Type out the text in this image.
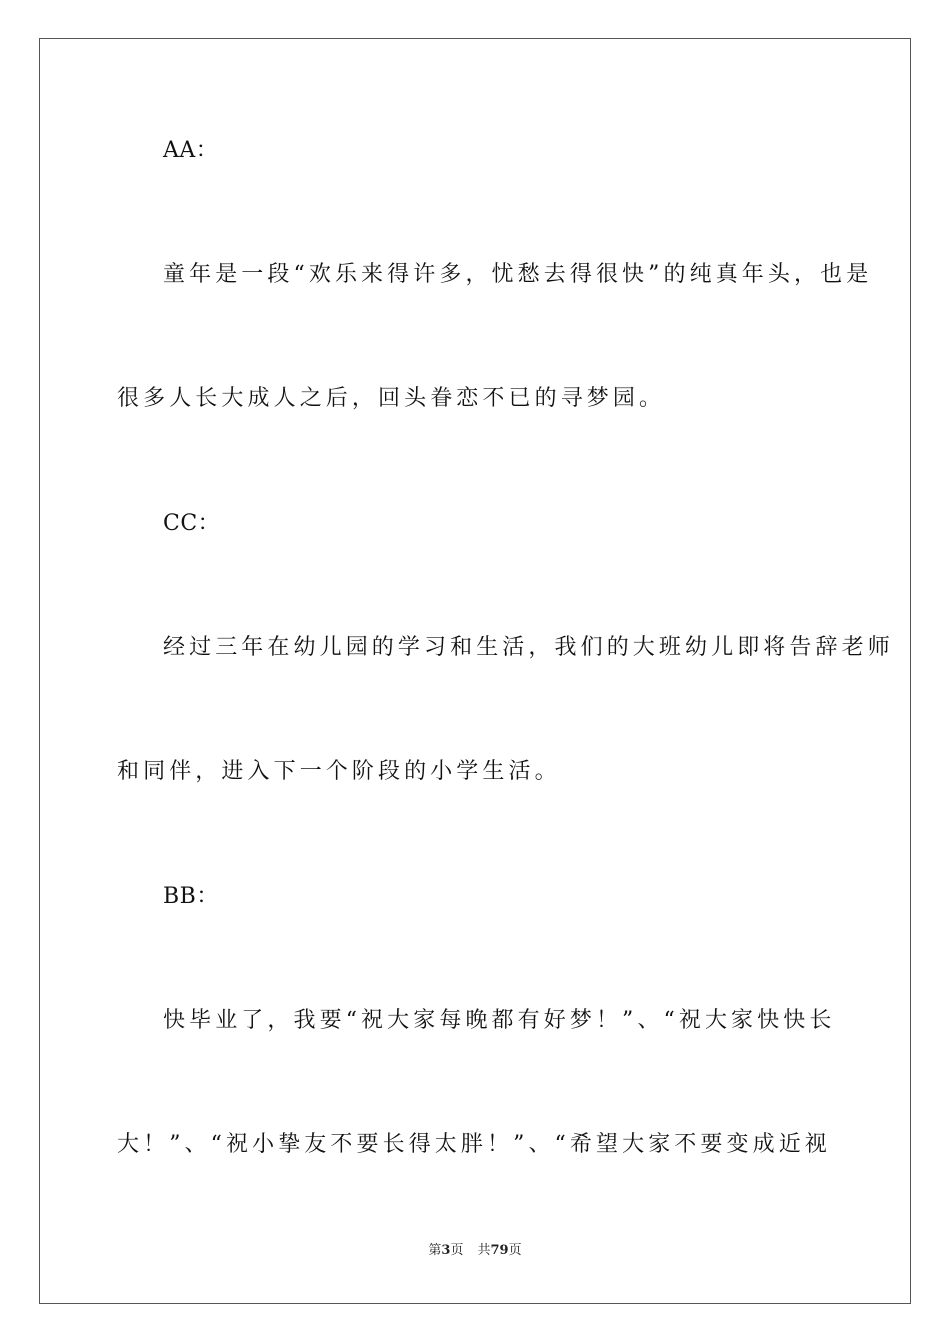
AA：
童年是一段“欢乐来得许多，忧愁去得很快”的纯真年头，也是
很多人长大成人之后，回头眷恋不已的寻梦园。
CC：
经过三年在幼儿园的学习和生活，我们的大班幼儿即将告辞老师
和同伴，进入下一个阶段的小学生活。
BB：
快毕业了，我要“祝大家每晚都有好梦！”、“祝大家快快长
大！”、“祝小挚友不要长得太胖！”、“希望大家不要变成近视
第3页 共79页
